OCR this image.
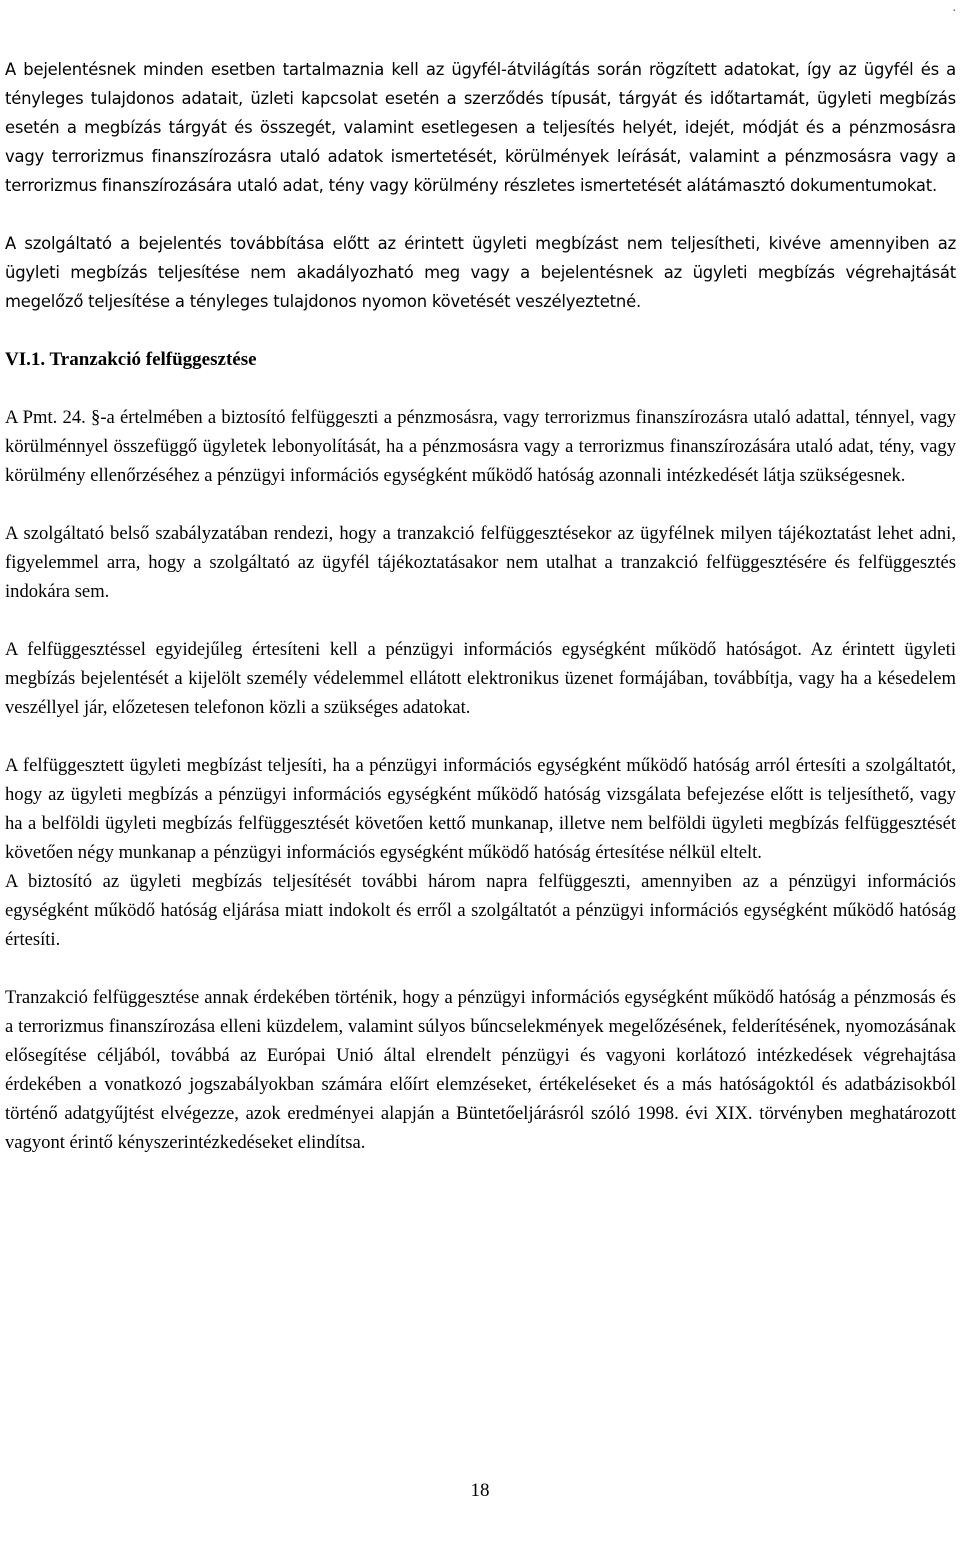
.

A bejelentésnek minden esetben tartalmaznia kell az ügyfél-átvilágítás során rögzített adatokat, így az ügyfél és a tényleges tulajdonos adatait, üzleti kapcsolat esetén a szerződés típusát, tárgyát és időtartamát, ügyleti megbízás esetén a megbízás tárgyát és összegét, valamint esetlegesen a teljesítés helyét, idejét, módját és a pénzmosásra vagy terrorizmus finanszírozásra utaló adatok ismertetését, körülmények leírását, valamint a pénzmosásra vagy a terrorizmus finanszírozására utaló adat, tény vagy körülmény részletes ismertetését alátámasztó dokumentumokat.

A szolgáltató a bejelentés továbbítása előtt az érintett ügyleti megbízást nem teljesítheti, kivéve amennyiben az ügyleti megbízás teljesítése nem akadályozható meg vagy a bejelentésnek az ügyleti megbízás végrehajtását megelőző teljesítése a tényleges tulajdonos nyomon követését veszélyeztetné.

VI.1. Tranzakció felfüggesztése

A Pmt. 24. §-a értelmében a biztosító felfüggeszti a pénzmosásra, vagy terrorizmus finanszírozásra utaló adattal, ténnyel, vagy körülménnyel összefüggő ügyletek lebonyolítását, ha a pénzmosásra vagy a terrorizmus finanszírozására utaló adat, tény, vagy körülmény ellenőrzéséhez a pénzügyi információs egységként működő hatóság azonnali intézkedését látja szükségesnek.

A szolgáltató belső szabályzatában rendezi, hogy a tranzakció felfüggesztésekor az ügyfélnek milyen tájékoztatást lehet adni, figyelemmel arra, hogy a szolgáltató az ügyfél tájékoztatásakor nem utalhat a tranzakció felfüggesztésére és felfüggesztés indokára sem.

A felfüggesztéssel egyidejűleg értesíteni kell a pénzügyi információs egységként működő hatóságot. Az érintett ügyleti megbízás bejelentését a kijelölt személy védelemmel ellátott elektronikus üzenet formájában, továbbítja, vagy ha a késedelem veszéllyel jár, előzetesen telefonon közli a szükséges adatokat.

A felfüggesztett ügyleti megbízást teljesíti, ha a pénzügyi információs egységként működő hatóság arról értesíti a szolgáltatót, hogy az ügyleti megbízás a pénzügyi információs egységként működő hatóság vizsgálata befejezése előtt is teljesíthető, vagy ha a belföldi ügyleti megbízás felfüggesztését követően kettő munkanap, illetve nem belföldi ügyleti megbízás felfüggesztését követően négy munkanap a pénzügyi információs egységként működő hatóság értesítése nélkül eltelt.

A biztosító az ügyleti megbízás teljesítését további három napra felfüggeszti, amennyiben az a pénzügyi információs egységként működő hatóság eljárása miatt indokolt és erről a szolgáltatót a pénzügyi információs egységként működő hatóság értesíti.

Tranzakció felfüggesztése annak érdekében történik, hogy a pénzügyi információs egységként működő hatóság a pénzmosás és a terrorizmus finanszírozása elleni küzdelem, valamint súlyos bűncselekmények megelőzésének, felderítésének, nyomozásának elősegítése céljából, továbbá az Európai Unió által elrendelt pénzügyi és vagyoni korlátozó intézkedések végrehajtása érdekében a vonatkozó jogszabályokban számára előírt elemzéseket, értékeléseket és a más hatóságoktól és adatbázisokból történő adatgyűjtést elvégezze, azok eredményei alapján a Büntetőeljárásról szóló 1998. évi XIX. törvényben meghatározott vagyont érintő kényszerintézkedéseket elindítsa.

18
